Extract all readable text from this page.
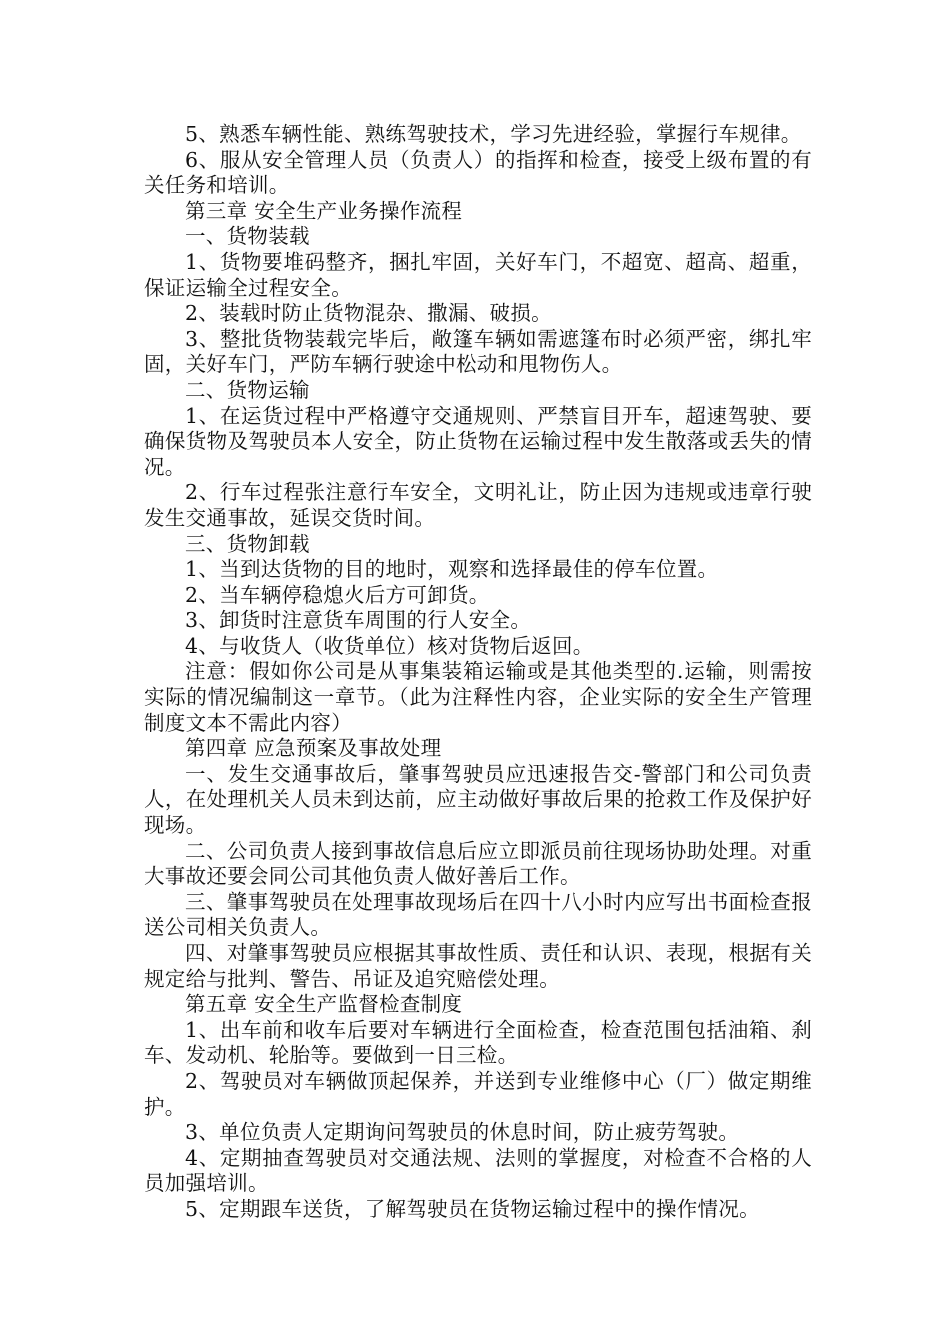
5、熟悉车辆性能、熟练驾驶技术，学习先进经验，掌握行车规律。

6、服从安全管理人员（负责人）的指挥和检查，接受上级布置的有关任务和培训。

第三章 安全生产业务操作流程

一、货物装载

1、货物要堆码整齐，捆扎牢固，关好车门，不超宽、超高、超重，保证运输全过程安全。

2、装载时防止货物混杂、撒漏、破损。

3、整批货物装载完毕后，敞篷车辆如需遮篷布时必须严密，绑扎牢固，关好车门，严防车辆行驶途中松动和甩物伤人。

二、货物运输

1、在运货过程中严格遵守交通规则、严禁盲目开车，超速驾驶、要确保货物及驾驶员本人安全，防止货物在运输过程中发生散落或丢失的情况。

2、行车过程张注意行车安全，文明礼让，防止因为违规或违章行驶发生交通事故，延误交货时间。

三、货物卸载

1、当到达货物的目的地时，观察和选择最佳的停车位置。

2、当车辆停稳熄火后方可卸货。

3、卸货时注意货车周围的行人安全。

4、与收货人（收货单位）核对货物后返回。

注意：假如你公司是从事集装箱运输或是其他类型的.运输，则需按实际的情况编制这一章节。（此为注释性内容，企业实际的安全生产管理制度文本不需此内容）

第四章 应急预案及事故处理

一、发生交通事故后，肇事驾驶员应迅速报告交-警部门和公司负责人，在处理机关人员未到达前，应主动做好事故后果的抢救工作及保护好现场。

二、公司负责人接到事故信息后应立即派员前往现场协助处理。对重大事故还要会同公司其他负责人做好善后工作。

三、肇事驾驶员在处理事故现场后在四十八小时内应写出书面检查报送公司相关负责人。

四、对肇事驾驶员应根据其事故性质、责任和认识、表现，根据有关规定给与批判、警告、吊证及追究赔偿处理。

第五章 安全生产监督检查制度

1、出车前和收车后要对车辆进行全面检查，检查范围包括油箱、刹车、发动机、轮胎等。要做到一日三检。

2、驾驶员对车辆做顶起保养，并送到专业维修中心（厂）做定期维护。

3、单位负责人定期询问驾驶员的休息时间，防止疲劳驾驶。

4、定期抽查驾驶员对交通法规、法则的掌握度，对检查不合格的人员加强培训。

5、定期跟车送货，了解驾驶员在货物运输过程中的操作情况。
